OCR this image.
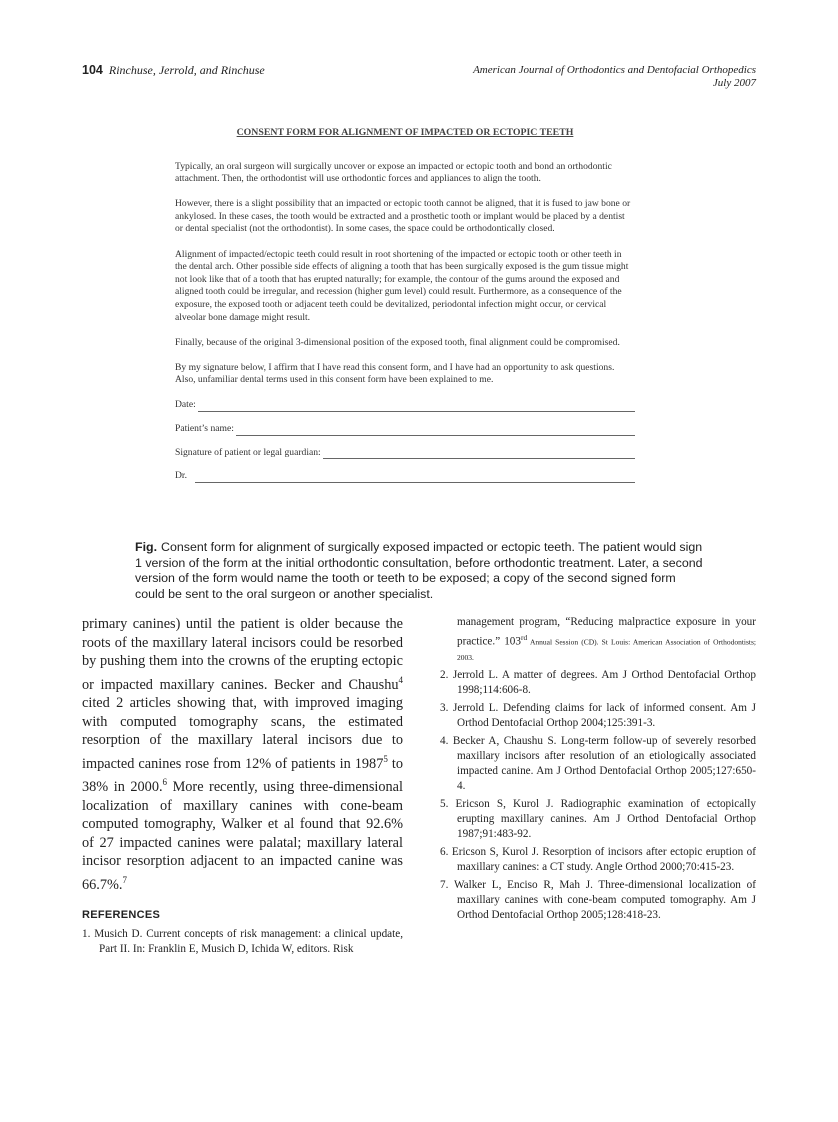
104 Rinchuse, Jerrold, and Rinchuse	American Journal of Orthodontics and Dentofacial Orthopedics
July 2007
CONSENT FORM FOR ALIGNMENT OF IMPACTED OR ECTOPIC TEETH

Typically, an oral surgeon will surgically uncover or expose an impacted or ectopic tooth and bond an orthodontic attachment. Then, the orthodontist will use orthodontic forces and appliances to align the tooth.

However, there is a slight possibility that an impacted or ectopic tooth cannot be aligned, that it is fused to jaw bone or ankylosed. In these cases, the tooth would be extracted and a prosthetic tooth or implant would be placed by a dentist or dental specialist (not the orthodontist). In some cases, the space could be orthodontically closed.

Alignment of impacted/ectopic teeth could result in root shortening of the impacted or ectopic tooth or other teeth in the dental arch. Other possible side effects of aligning a tooth that has been surgically exposed is the gum tissue might not look like that of a tooth that has erupted naturally; for example, the contour of the gums around the exposed and aligned tooth could be irregular, and recession (higher gum level) could result. Furthermore, as a consequence of the exposure, the exposed tooth or adjacent teeth could be devitalized, periodontal infection might occur, or cervical alveolar bone damage might result.

Finally, because of the original 3-dimensional position of the exposed tooth, final alignment could be compromised.

By my signature below, I affirm that I have read this consent form, and I have had an opportunity to ask questions. Also, unfamiliar dental terms used in this consent form have been explained to me.

Date:
Patient’s name:
Signature of patient or legal guardian:
Dr.
Fig. Consent form for alignment of surgically exposed impacted or ectopic teeth. The patient would sign 1 version of the form at the initial orthodontic consultation, before orthodontic treatment. Later, a second version of the form would name the tooth or teeth to be exposed; a copy of the second signed form could be sent to the oral surgeon or another specialist.

primary canines) until the patient is older because the roots of the maxillary lateral incisors could be resorbed by pushing them into the crowns of the erupting ectopic or impacted maxillary canines. Becker and Chaushu$^4$ cited 2 articles showing that, with improved imaging with computed tomography scans, the estimated resorption of the maxillary lateral incisors due to impacted canines rose from 12% of patients in 1987$^5$ to 38% in 2000.$^6$ More recently, using three-dimensional localization of maxillary canines with cone-beam computed tomography, Walker et al found that 92.6% of 27 impacted canines were palatal; maxillary lateral incisor resorption adjacent to an impacted canine was 66.7%.$^7$

REFERENCES
1. Musich D. Current concepts of risk management: a clinical update, Part II. In: Franklin E, Musich D, Ichida W, editors. Risk
management program, “Reducing malpractice exposure in your practice.” 103rd Annual Session (CD). St Louis: American Association of Orthodontists; 2003.
2. Jerrold L. A matter of degrees. Am J Orthod Dentofacial Orthop 1998;114:606-8.
3. Jerrold L. Defending claims for lack of informed consent. Am J Orthod Dentofacial Orthop 2004;125:391-3.
4. Becker A, Chaushu S. Long-term follow-up of severely resorbed maxillary incisors after resolution of an etiologically associated impacted canine. Am J Orthod Dentofacial Orthop 2005;127:650-4.
5. Ericson S, Kurol J. Radiographic examination of ectopically erupting maxillary canines. Am J Orthod Dentofacial Orthop 1987;91:483-92.
6. Ericson S, Kurol J. Resorption of incisors after ectopic eruption of maxillary canines: a CT study. Angle Orthod 2000;70:415-23.
7. Walker L, Enciso R, Mah J. Three-dimensional localization of maxillary canines with cone-beam computed tomography. Am J Orthod Dentofacial Orthop 2005;128:418-23.
